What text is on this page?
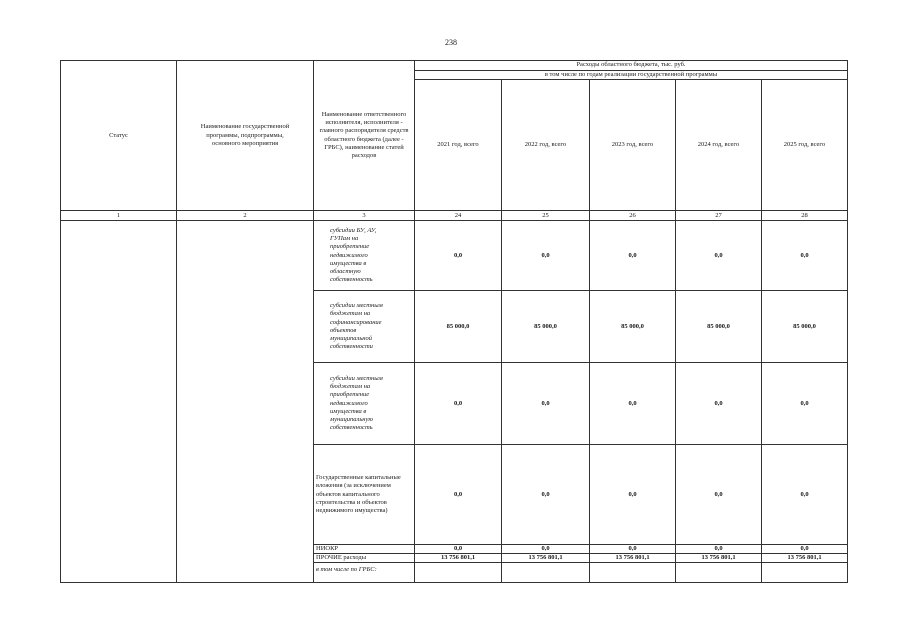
238
Статус	Наименование государственной программы, подпрограммы, основного мероприятия	Наименование ответственного исполнителя, исполнителя - главного распорядителя средств областного бюджета (далее - ГРБС), наименование статей расходов	Расходы областного бюджета, тыс. руб.				
			в том числе по годам реализации государственной программы				
			2021 год, всего	2022 год, всего	2023 год, всего	2024 год, всего	2025 год, всего
1	2	3	24	25	26	27	28

		субсидии БУ, АУ, ГУПам на приобретение недвижимого имущества в областную собственность	0,0	0,0	0,0	0,0	0,0

		субсидии местным бюджетам на софинансирование объектов муниципальной собственности	85 000,0	85 000,0	85 000,0	85 000,0	85 000,0

		субсидии местным бюджетам на приобретение недвижимого имущества в муниципальную собственность	0,0	0,0	0,0	0,0	0,0

		Государственные капитальные вложения (за исключением объектов капитального строительства и объектов недвижимого имущества)	0,0	0,0	0,0	0,0	0,0
		НИОКР	0,0	0,0	0,0	0,0	0,0
		ПРОЧИЕ расходы	13 756 801,1	13 756 801,1	13 756 801,1	13 756 801,1	13 756 801,1
		в том числе по ГРБС:					
